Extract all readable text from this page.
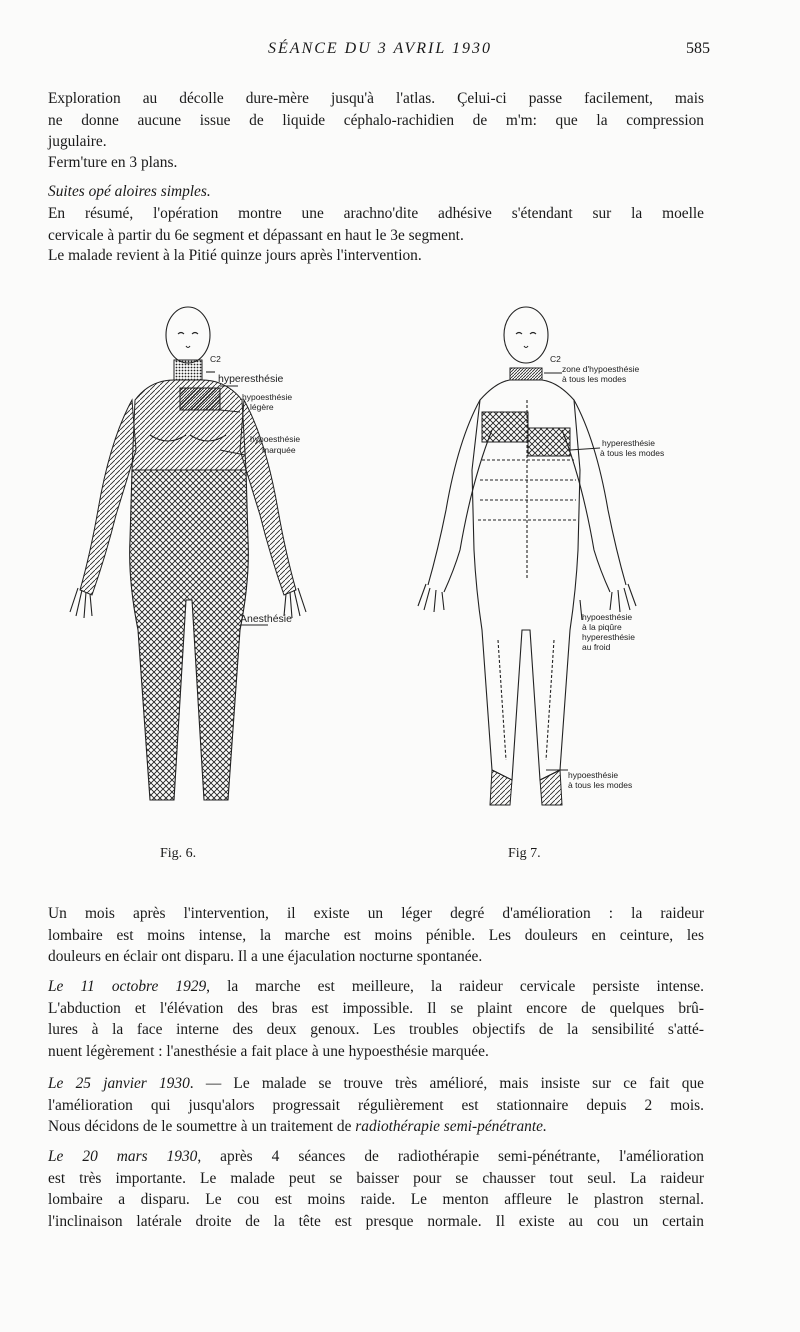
SÉANCE DU 3 AVRIL 1930	585
Exploration au décolle dure-mère jusqu'à l'atlas. Çelui-ci passe facilement, mais
ne donne aucune issue de liquide céphalo-rachidien de m'm: que la compression
jugulaire.
Ferm'ture en 3 plans.
Suites opé aloires simples.
En résumé, l'opération montre une arachno'dite adhésive s'étendant sur la moelle
cervicale à partir du 6e segment et dépassant en haut le 3e segment.
Le malade revient à la Pitié quinze jours après l'intervention.
C2
hyperesthésie
hypoesthésie
légère
hypoesthésie
marquée
Anesthésie
C2
zone d'hypoesthésie
à tous les modes
hyperesthésie
à tous les modes
hypoesthésie
à la piqûre
hyperesthésie
au froid
hypoesthésie
à tous les modes
Fig. 6.	Fig 7.
Un mois après l'intervention, il existe un léger degré d'amélioration : la raideur
lombaire est moins intense, la marche est moins pénible. Les douleurs en ceinture, les
douleurs en éclair ont disparu. Il a une éjaculation nocturne spontanée.
Le 11 octobre 1929, la marche est meilleure, la raideur cervicale persiste intense.
L'abduction et l'élévation des bras est impossible. Il se plaint encore de quelques brû-
lures à la face interne des deux genoux. Les troubles objectifs de la sensibilité s'atté-
nuent légèrement : l'anesthésie a fait place à une hypoesthésie marquée.
Le 25 janvier 1930. — Le malade se trouve très amélioré, mais insiste sur ce fait que
l'amélioration qui jusqu'alors progressait régulièrement est stationnaire depuis 2 mois.
Nous décidons de le soumettre à un traitement de radiothérapie semi-pénétrante.
Le 20 mars 1930, après 4 séances de radiothérapie semi-pénétrante, l'amélioration
est très importante. Le malade peut se baisser pour se chausser tout seul. La raideur
lombaire a disparu. Le cou est moins raide. Le menton affleure le plastron sternal.
l'inclinaison latérale droite de la tête est presque normale. Il existe au cou un certain
